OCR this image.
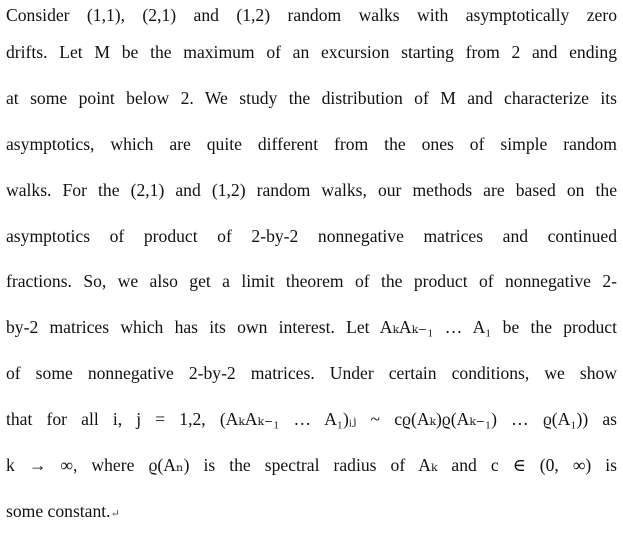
Consider (1,1), (2,1) and (1,2) random walks with asymptotically zero
drifts. Let M be the maximum of an excursion starting from 2 and ending
at some point below 2. We study the distribution of M and characterize its
asymptotics, which are quite different from the ones of simple random
walks. For the (2,1) and (1,2) random walks, our methods are based on the
asymptotics of product of 2-by-2 nonnegative matrices and continued
fractions. So, we also get a limit theorem of the product of nonnegative 2-
by-2 matrices which has its own interest. Let AₖAₖ₋₁ … A₁ be the product
of some nonnegative 2-by-2 matrices. Under certain conditions, we show
that for all i, j = 1,2, (AₖAₖ₋₁ … A₁)ᵢⱼ ~ cϱ(Aₖ)ϱ(Aₖ₋₁) … ϱ(A₁)) as
k → ∞, where ϱ(Aₙ) is the spectral radius of Aₖ and c ∈ (0, ∞) is
some constant.↵
